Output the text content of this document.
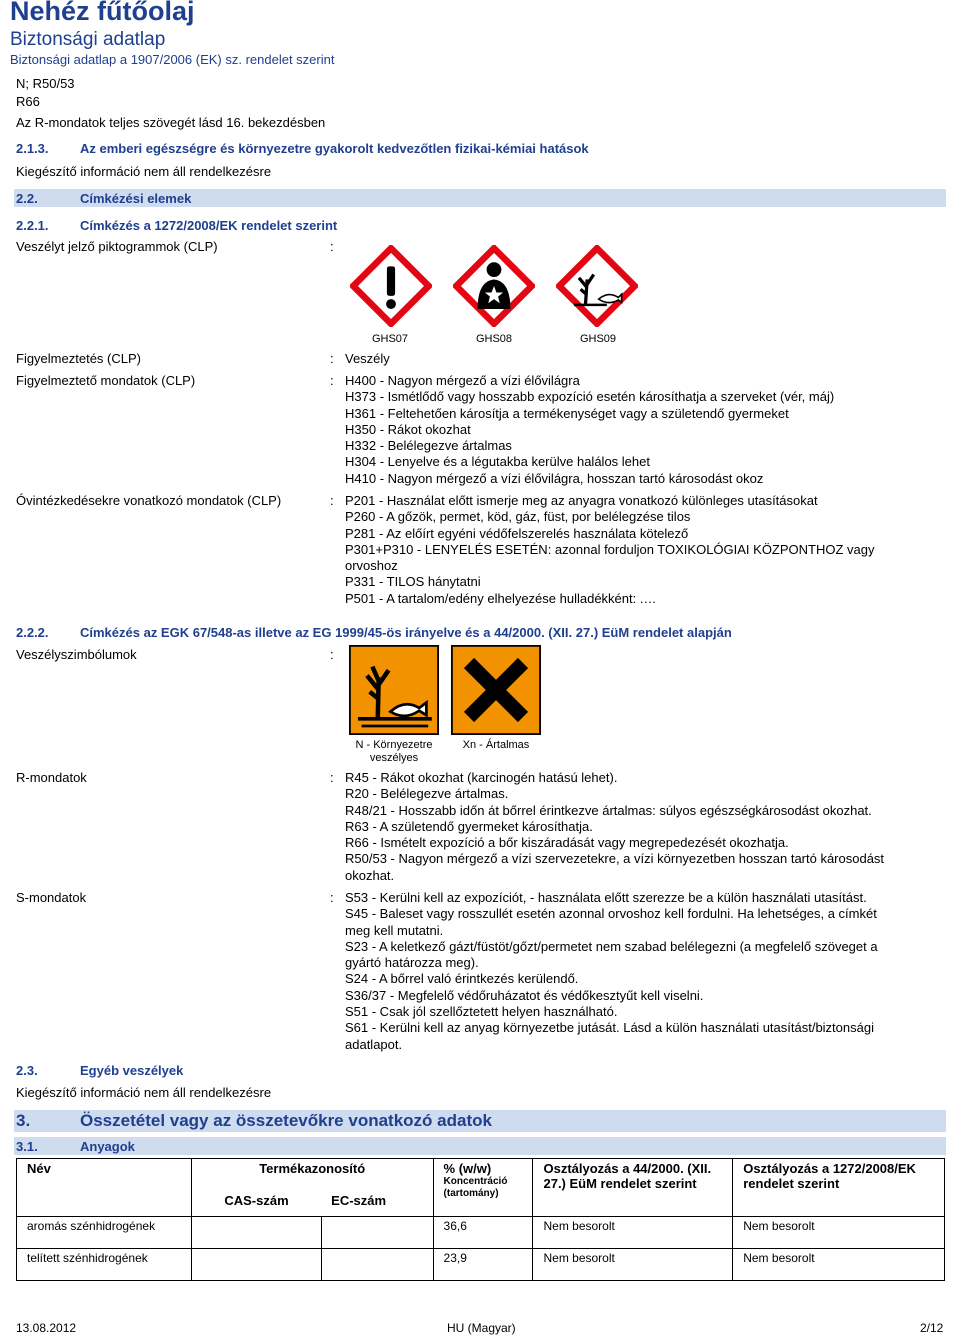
Nehéz fűtőolaj
Biztonsági adatlap
Biztonsági adatlap a 1907/2006 (EK) sz. rendelet szerint
N; R50/53
R66
Az R-mondatok teljes szövegét lásd 16. bekezdésben
2.1.3. Az emberi egészségre és környezetre gyakorolt kedvezőtlen fizikai-kémiai hatások
Kiegészítő információ nem áll rendelkezésre
2.2.	Címkézési elemek
2.2.1. Címkézés a 1272/2008/EK rendelet szerint
Veszélyt jelző piktogrammok (CLP)	:
GHS07	GHS08	GHS09
Figyelmeztetés (CLP)	: Veszély
Figyelmeztető mondatok (CLP)	: H400 - Nagyon mérgező a vízi élővilágra
H373 - Ismétlődő vagy hosszabb expozíció esetén károsíthatja a szerveket (vér, máj)
H361 - Feltehetően károsítja a termékenységet vagy a születendő gyermeket
H350 - Rákot okozhat
H332 - Belélegezve ártalmas
H304 - Lenyelve és a légutakba kerülve halálos lehet
H410 - Nagyon mérgező a vízi élővilágra, hosszan tartó károsodást okoz
Óvintézkedésekre vonatkozó mondatok (CLP)	: P201 - Használat előtt ismerje meg az anyagra vonatkozó különleges utasításokat
P260 - A gőzök, permet, köd, gáz, füst, por belélegzése tilos
P281 - Az előírt egyéni védőfelszerelés használata kötelező
P301+P310 - LENYELÉS ESETÉN: azonnal forduljon TOXIKOLÓGIAI KÖZPONTHOZ vagy
orvoshoz
P331 - TILOS hánytatni
P501 - A tartalom/edény elhelyezése hulladékként: .…
2.2.2. Címkézés az EGK 67/548-as illetve az EG 1999/45-ös irányelve és a 44/2000. (XII. 27.) EüM rendelet alapján
Veszélyszimbólumok	:
N - Környezetre
veszélyes
Xn - Ártalmas
R-mondatok	: R45 - Rákot okozhat (karcinogén hatású lehet).
R20 - Belélegezve ártalmas.
R48/21 - Hosszabb időn át bőrrel érintkezve ártalmas: súlyos egészségkárosodást okozhat.
R63 - A születendő gyermeket károsíthatja.
R66 - Ismételt expozíció a bőr kiszáradását vagy megrepedezését okozhatja.
R50/53 - Nagyon mérgező a vízi szervezetekre, a vízi környezetben hosszan tartó károsodást
okozhat.
S-mondatok	: S53 - Kerülni kell az expozíciót, - használata előtt szerezze be a külön használati utasítást.
S45 - Baleset vagy rosszullét esetén azonnal orvoshoz kell fordulni. Ha lehetséges, a címkét
meg kell mutatni.
S23 - A keletkező gázt/füstöt/gőzt/permetet nem szabad belélegezni (a megfelelő szöveget a
gyártó határozza meg).
S24 - A bőrrel való érintkezés kerülendő.
S36/37 - Megfelelő védőruházatot és védőkesztyűt kell viselni.
S51 - Csak jól szellőztetett helyen használható.
S61 - Kerülni kell az anyag környezetbe jutását. Lásd a külön használati utasítást/biztonsági
adatlapot.
2.3.	Egyéb veszélyek
Kiegészítő információ nem áll rendelkezésre
3.	Összetétel vagy az összetevőkre vonatkozó adatok
3.1.	Anyagok
Név	Termékazonosító		% (w/w)
Koncentráció
(tartomány)	Osztályozás a 44/2000. (XII. 27.) EüM rendelet szerint	Osztályozás a 1272/2008/EK rendelet szerint
	CAS-szám	EC-szám			
aromás szénhidrogének			36,6	Nem besorolt	Nem besorolt
telített szénhidrogének			23,9	Nem besorolt	Nem besorolt
13.08.2012	HU (Magyar)	2/12
